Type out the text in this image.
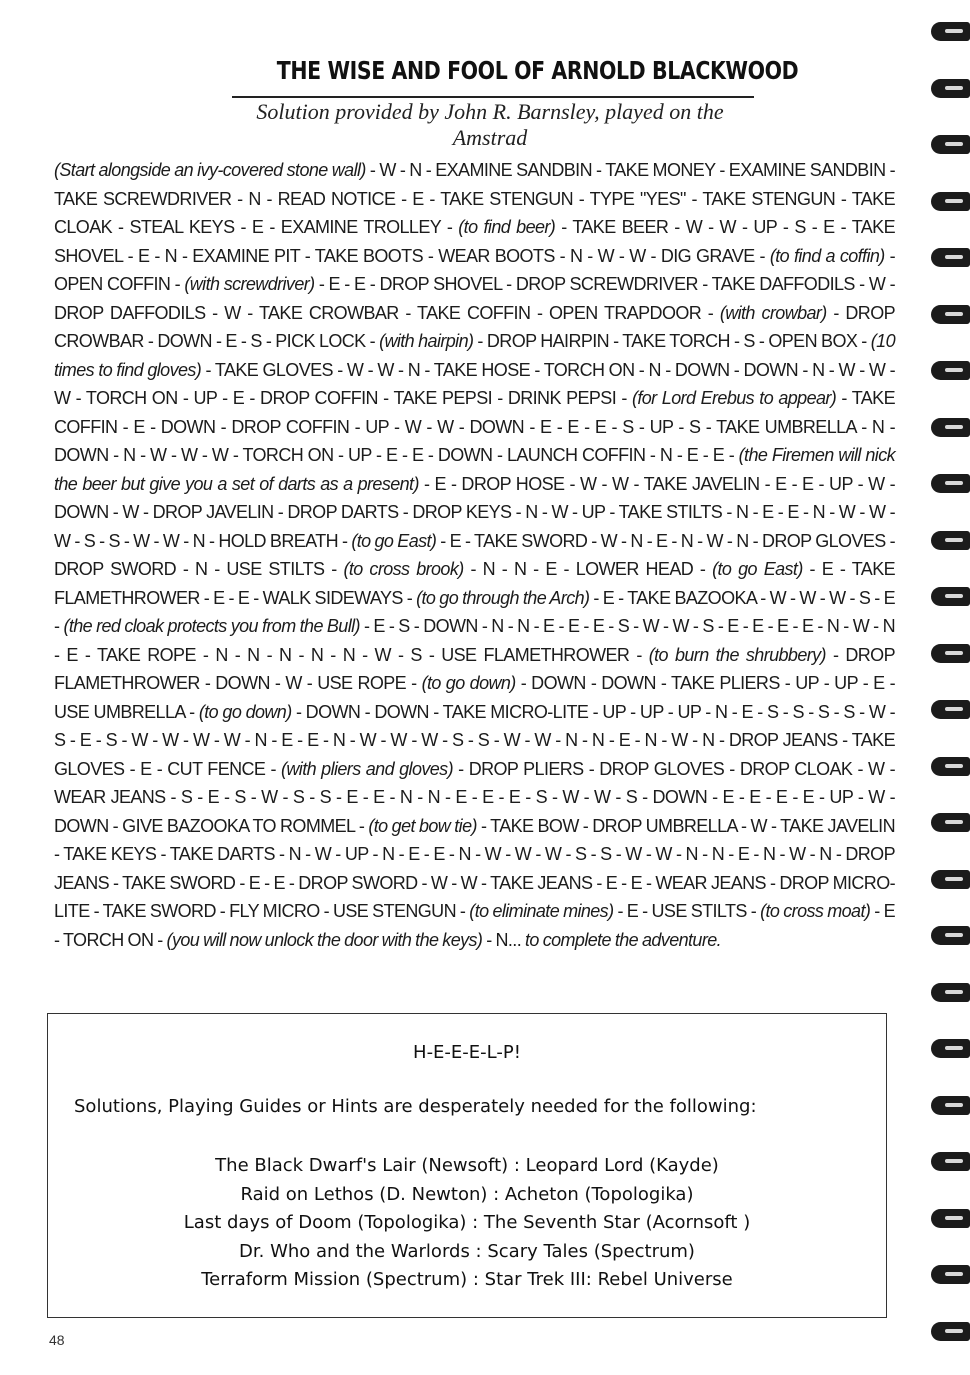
THE WISE AND FOOL OF ARNOLD BLACKWOOD
Solution provided by John R. Barnsley, played on the Amstrad
(Start alongside an ivy-covered stone wall) - W - N - EXAMINE SANDBIN - TAKE MONEY - EXAMINE SANDBIN - TAKE SCREWDRIVER - N - READ NOTICE - E - TAKE STENGUN - TYPE "YES" - TAKE STENGUN - TAKE CLOAK - STEAL KEYS - E - EXAMINE TROLLEY - (to find beer) - TAKE BEER - W - W - UP - S - E - TAKE SHOVEL - E - N - EXAMINE PIT - TAKE BOOTS - WEAR BOOTS - N - W - W - DIG GRAVE - (to find a coffin) - OPEN COFFIN - (with screwdriver) - E - E - DROP SHOVEL - DROP SCREWDRIVER - TAKE DAFFODILS - W - DROP DAFFODILS - W - TAKE CROWBAR - TAKE COFFIN - OPEN TRAPDOOR - (with crowbar) - DROP CROWBAR - DOWN - E - S - PICK LOCK - (with hairpin) - DROP HAIRPIN - TAKE TORCH - S - OPEN BOX - (10 times to find gloves) - TAKE GLOVES - W - W - N - TAKE HOSE - TORCH ON - N - DOWN - DOWN - N - W - W - W - TORCH ON - UP - E - DROP COFFIN - TAKE PEPSI - DRINK PEPSI - (for Lord Erebus to appear) - TAKE COFFIN - E - DOWN - DROP COFFIN - UP - W - W - DOWN - E - E - E - S - UP - S - TAKE UMBRELLA - N - DOWN - N - W - W - W - TORCH ON - UP - E - E - DOWN - LAUNCH COFFIN - N - E - E - (the Firemen will nick the beer but give you a set of darts as a present) - E - DROP HOSE - W - W - TAKE JAVELIN - E - E - UP - W - DOWN - W - DROP JAVELIN - DROP DARTS - DROP KEYS - N - W - UP - TAKE STILTS - N - E - E - N - W - W - W - S - S - W - W - N - HOLD BREATH - (to go East) - E - TAKE SWORD - W - N - E - N - W - N - DROP GLOVES - DROP SWORD - N - USE STILTS - (to cross brook) - N - N - E - LOWER HEAD - (to go East) - E - TAKE FLAMETHROWER - E - E - WALK SIDEWAYS - (to go through the Arch) - E - TAKE BAZOOKA - W - W - W - S - E - (the red cloak protects you from the Bull) - E - S - DOWN - N - N - E - E - E - S - W - W - S - E - E - E - E - N - W - N - E - TAKE ROPE - N - N - N - N - N - W - S - USE FLAMETHROWER - (to burn the shrubbery) - DROP FLAMETHROWER - DOWN - W - USE ROPE - (to go down) - DOWN - DOWN - TAKE PLIERS - UP - UP - E - USE UMBRELLA - (to go down) - DOWN - DOWN - TAKE MICRO-LITE - UP - UP - UP - N - E - S - S - S - S - W - S - E - S - W - W - W - W - N - E - E - N - W - W - W - S - S - W - W - N - N - E - N - W - N - DROP JEANS - TAKE GLOVES - E - CUT FENCE - (with pliers and gloves) - DROP PLIERS - DROP GLOVES - DROP CLOAK - W - WEAR JEANS - S - E - S - W - S - S - E - E - N - N - E - E - E - S - W - W - S - DOWN - E - E - E - E - UP - W - DOWN - GIVE BAZOOKA TO ROMMEL - (to get bow tie) - TAKE BOW - DROP UMBRELLA - W - TAKE JAVELIN - TAKE KEYS - TAKE DARTS - N - W - UP - N - E - E - N - W - W - W - S - S - W - W - N - N - E - N - W - N - DROP JEANS - TAKE SWORD - E - E - DROP SWORD - W - W - TAKE JEANS - E - E - WEAR JEANS - DROP MICRO-LITE - TAKE SWORD - FLY MICRO - USE STENGUN - (to eliminate mines) - E - USE STILTS - (to cross moat) - E - TORCH ON - (you will now unlock the door with the keys) - N... to complete the adventure.
H-E-E-E-L-P!
Solutions, Playing Guides or Hints are desperately needed for the following:
The Black Dwarf's Lair (Newsoft) : Leopard Lord (Kayde)
Raid on Lethos (D. Newton) : Acheton (Topologika)
Last days of Doom (Topologika) : The Seventh Star (Acornsoft )
Dr. Who and the Warlords : Scary Tales (Spectrum)
Terraform Mission (Spectrum) : Star Trek III: Rebel Universe
48
